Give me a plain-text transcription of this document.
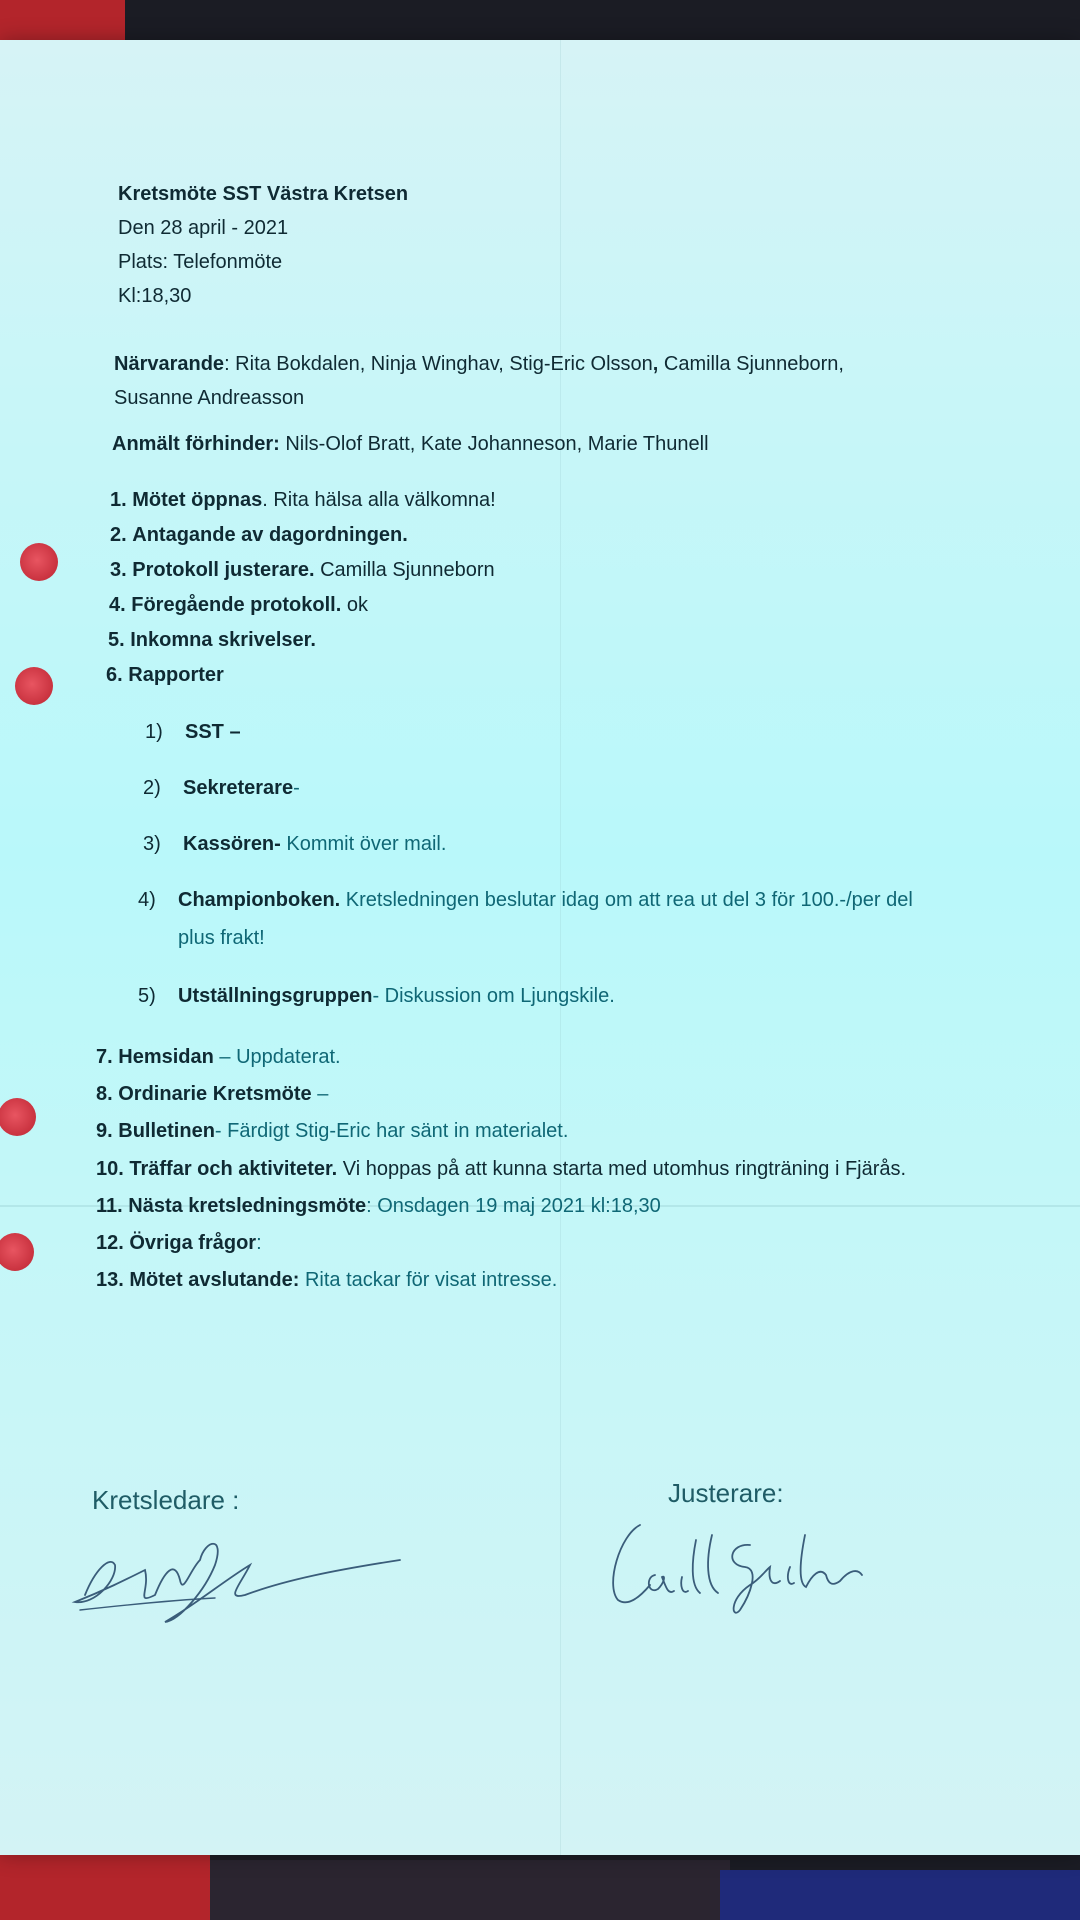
Kretsmöte SST Västra Kretsen
Den 28 april - 2021
Plats: Telefonmöte
Kl:18,30
Närvarande: Rita Bokdalen, Ninja Winghav, Stig-Eric Olsson, Camilla Sjunneborn,
Susanne Andreasson
Anmält förhinder: Nils-Olof Bratt, Kate Johanneson, Marie Thunell
1. Mötet öppnas. Rita hälsa alla välkomna!
2. Antagande av dagordningen.
3. Protokoll justerare. Camilla Sjunneborn
4. Föregående protokoll. ok
5. Inkomna skrivelser.
6. Rapporter
1) SST –
2) Sekreterare-
3) Kassören- Kommit över mail.
4) Championboken. Kretsledningen beslutar idag om att rea ut del 3 för 100.-/per del
plus frakt!
5) Utställningsgruppen- Diskussion om Ljungskile.
7. Hemsidan – Uppdaterat.
8. Ordinarie Kretsmöte –
9. Bulletinen- Färdigt Stig-Eric har sänt in materialet.
10. Träffar och aktiviteter. Vi hoppas på att kunna starta med utomhus ringträning i Fjärås.
11. Nästa kretsledningsmöte: Onsdagen 19 maj 2021 kl:18,30
12. Övriga frågor:
13. Mötet avslutande: Rita tackar för visat intresse.
Kretsledare :	Justerare:
